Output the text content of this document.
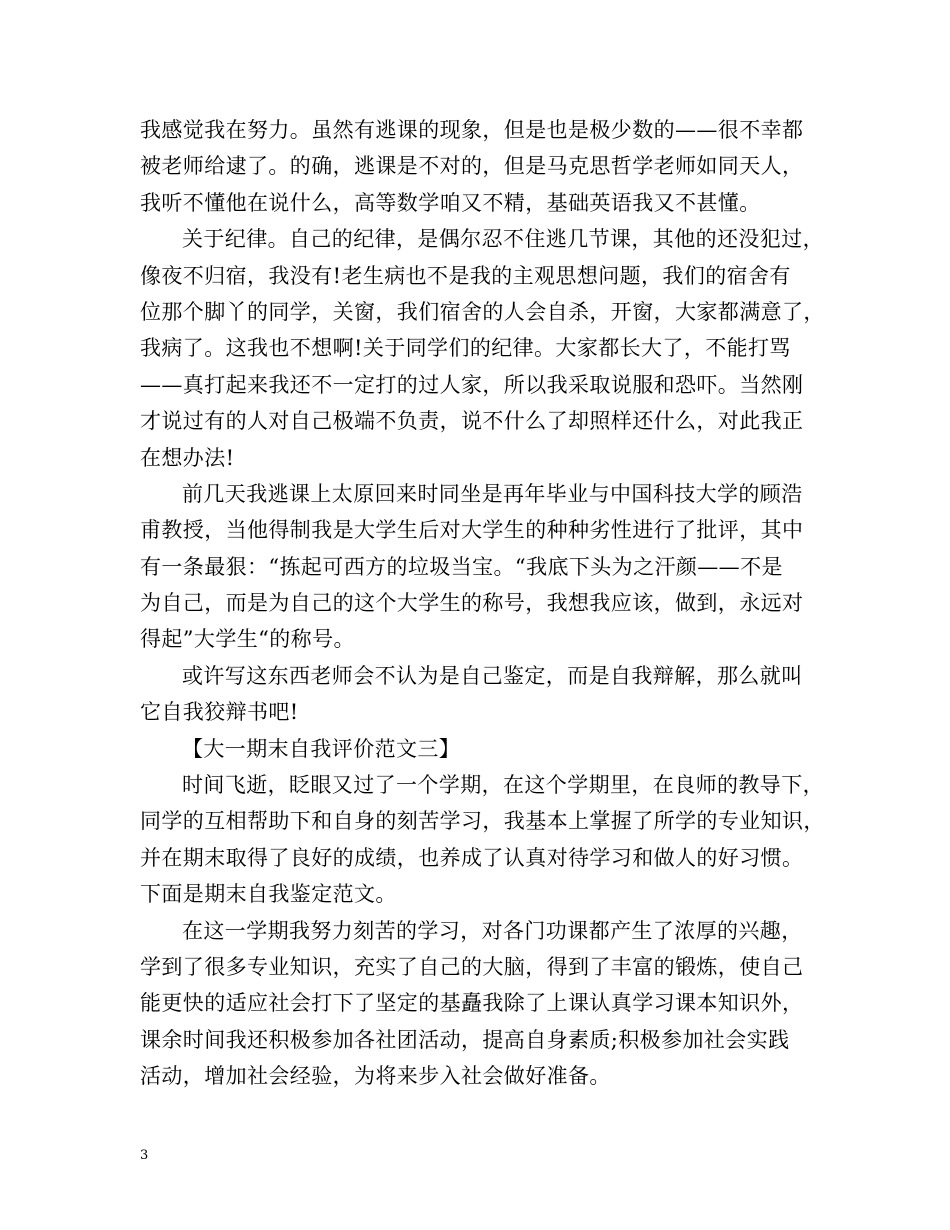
我感觉我在努力。虽然有逃课的现象，但是也是极少数的——很不幸都
被老师给逮了。的确，逃课是不对的，但是马克思哲学老师如同天人，
我听不懂他在说什么，高等数学咱又不精，基础英语我又不甚懂。
关于纪律。自己的纪律，是偶尔忍不住逃几节课，其他的还没犯过，
像夜不归宿，我没有!老生病也不是我的主观思想问题，我们的宿舍有
位那个脚丫的同学，关窗，我们宿舍的人会自杀，开窗，大家都满意了，
我病了。这我也不想啊!关于同学们的纪律。大家都长大了，不能打骂
——真打起来我还不一定打的过人家，所以我采取说服和恐吓。当然刚
才说过有的人对自己极端不负责，说不什么了却照样还什么，对此我正
在想办法!
前几天我逃课上太原回来时同坐是再年毕业与中国科技大学的顾浩
甫教授，当他得制我是大学生后对大学生的种种劣性进行了批评，其中
有一条最狠：“拣起可西方的垃圾当宝。“我底下头为之汗颜——不是
为自己，而是为自己的这个大学生的称号，我想我应该，做到，永远对
得起”大学生“的称号。
或许写这东西老师会不认为是自己鉴定，而是自我辩解，那么就叫
它自我狡辩书吧!
【大一期末自我评价范文三】
时间飞逝，眨眼又过了一个学期，在这个学期里，在良师的教导下，
同学的互相帮助下和自身的刻苦学习，我基本上掌握了所学的专业知识，
并在期末取得了良好的成绩，也养成了认真对待学习和做人的好习惯。
下面是期末自我鉴定范文。
在这一学期我努力刻苦的学习，对各门功课都产生了浓厚的兴趣，
学到了很多专业知识，充实了自己的大脑，得到了丰富的锻炼，使自己
能更快的适应社会打下了坚定的基矗我除了上课认真学习课本知识外，
课余时间我还积极参加各社团活动，提高自身素质;积极参加社会实践
活动，增加社会经验，为将来步入社会做好准备。
3
